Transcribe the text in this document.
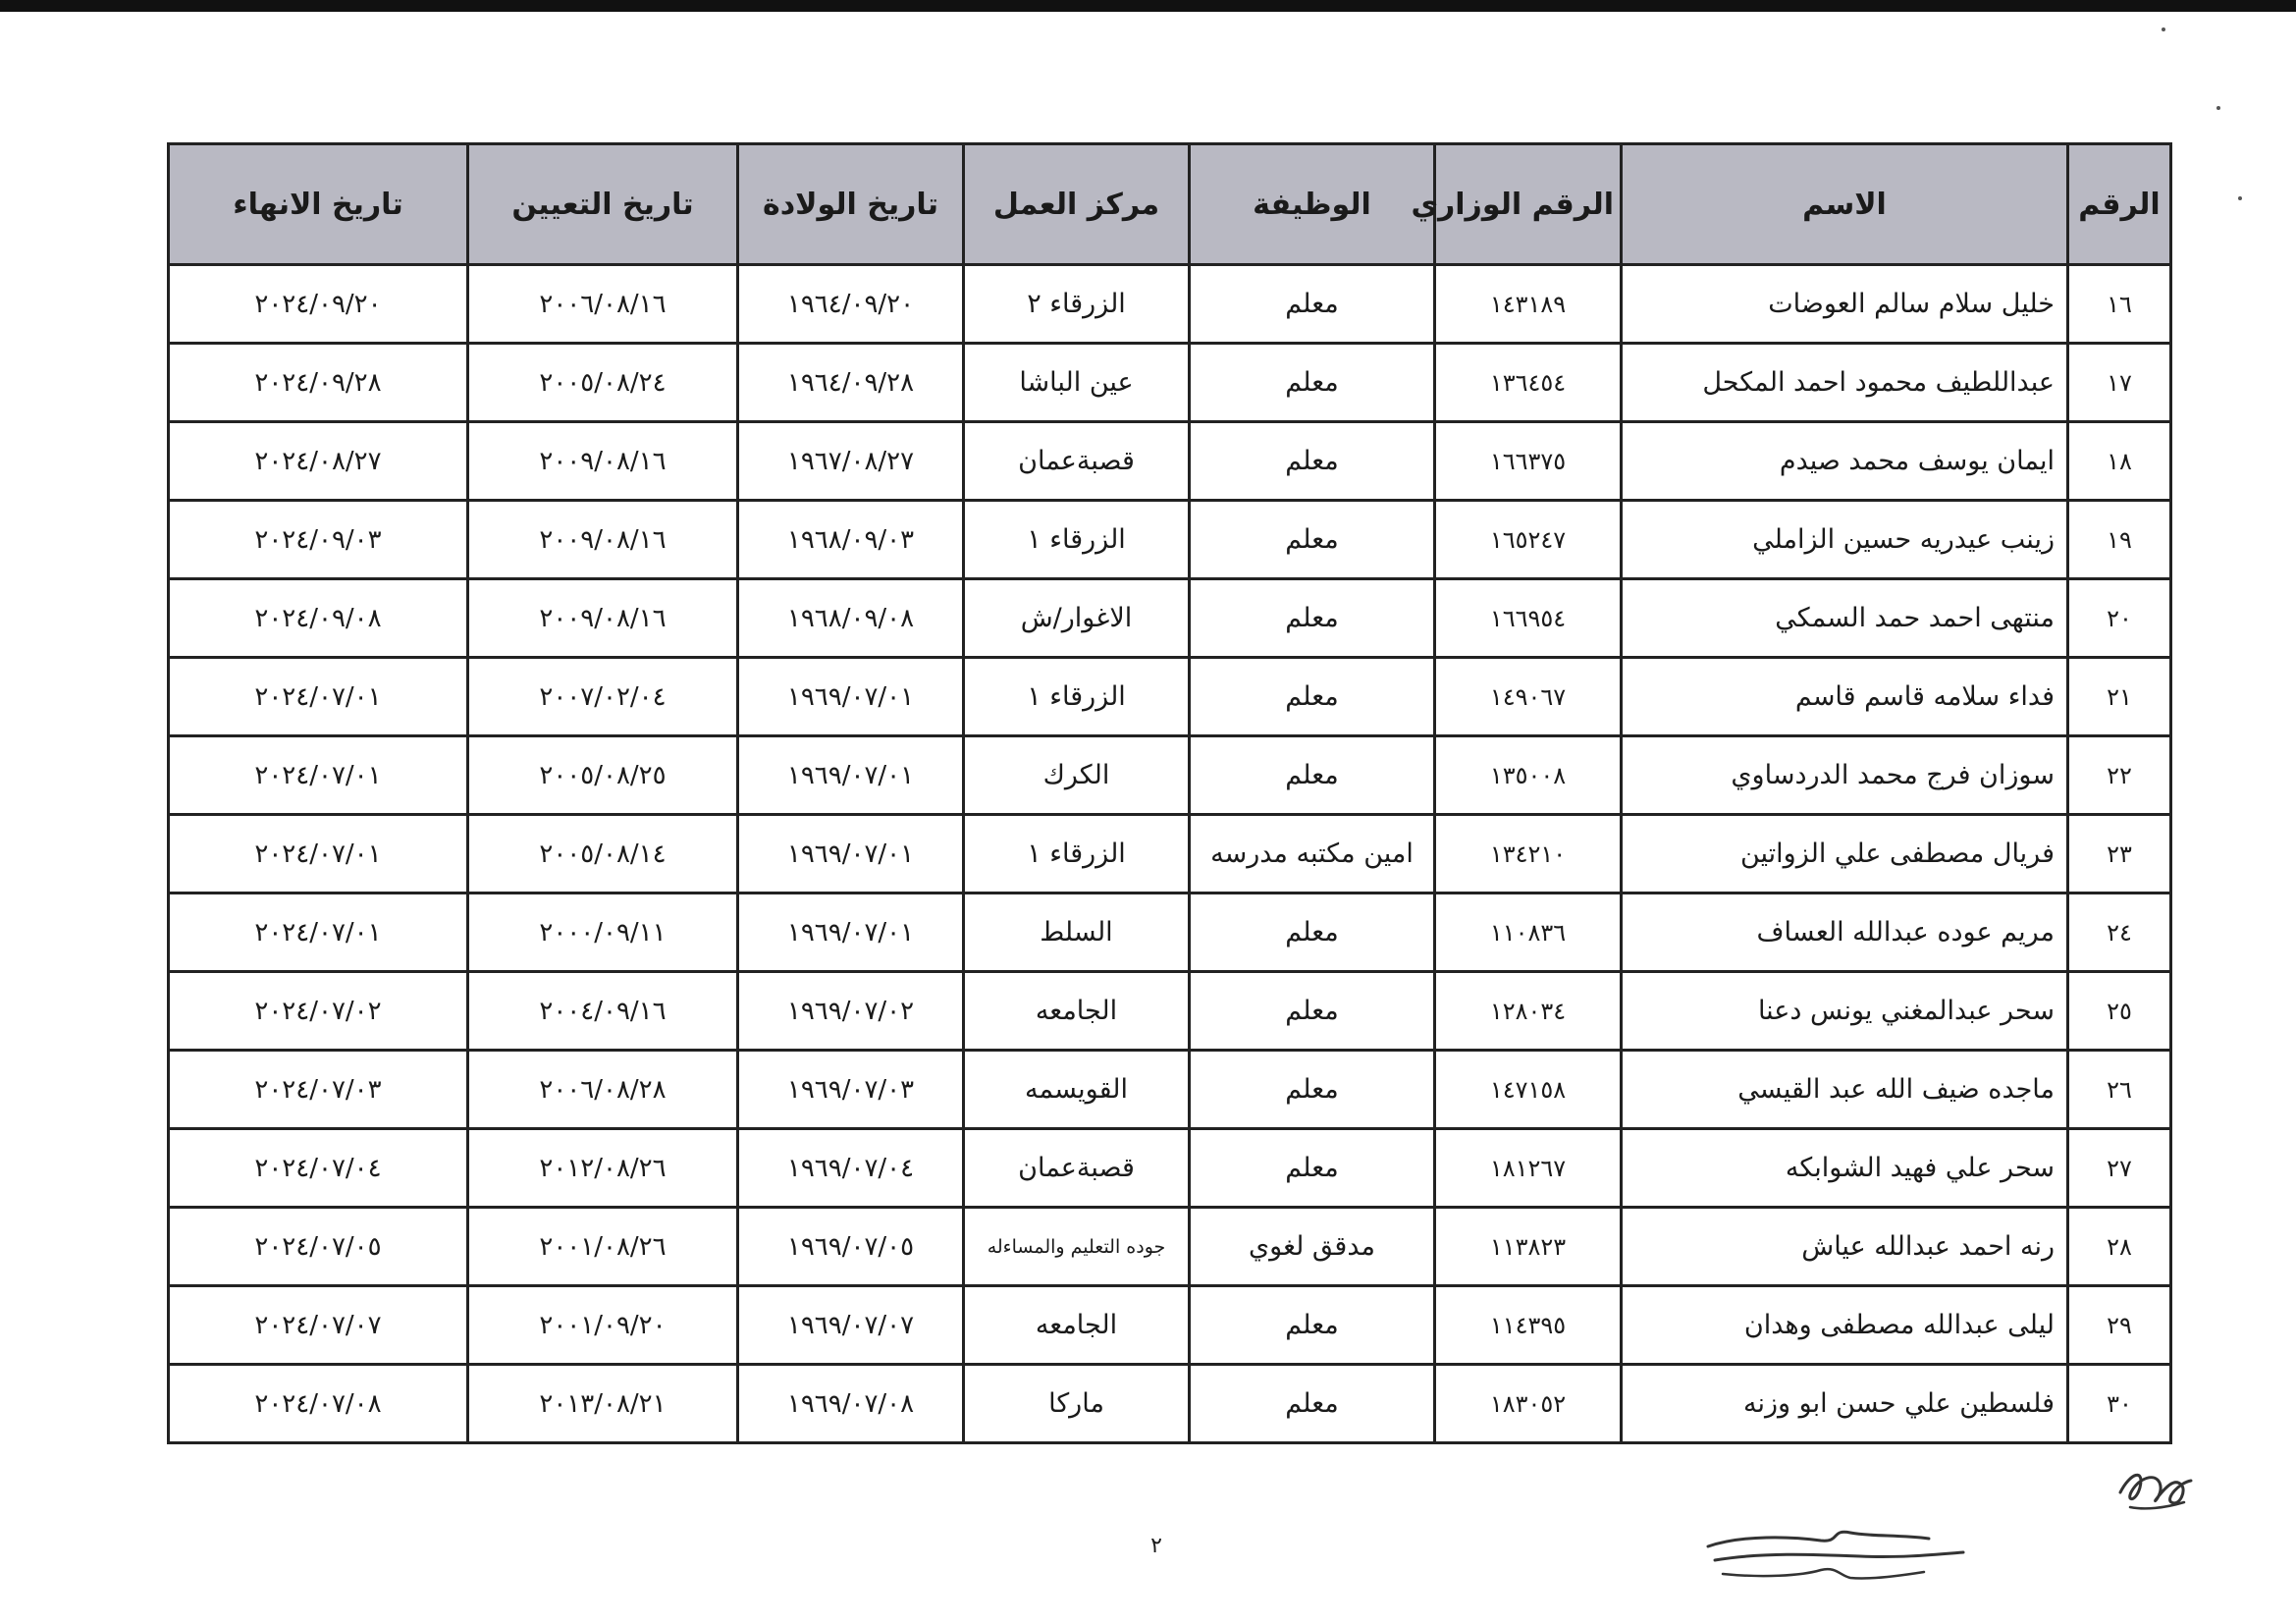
الرقم	الاسم	الرقم الوزاري	الوظيفة	مركز العمل	تاريخ الولادة	تاريخ التعيين	تاريخ الانهاء
١٦	خليل سلام سالم العوضات	١٤٣١٨٩	معلم	الزرقاء ٢	١٩٦٤/٠٩/٢٠	٢٠٠٦/٠٨/١٦	٢٠٢٤/٠٩/٢٠
١٧	عبداللطيف محمود احمد المكحل	١٣٦٤٥٤	معلم	عين الباشا	١٩٦٤/٠٩/٢٨	٢٠٠٥/٠٨/٢٤	٢٠٢٤/٠٩/٢٨
١٨	ايمان يوسف محمد صيدم	١٦٦٣٧٥	معلم	قصبةعمان	١٩٦٧/٠٨/٢٧	٢٠٠٩/٠٨/١٦	٢٠٢٤/٠٨/٢٧
١٩	زينب عيدريه حسين الزاملي	١٦٥٢٤٧	معلم	الزرقاء ١	١٩٦٨/٠٩/٠٣	٢٠٠٩/٠٨/١٦	٢٠٢٤/٠٩/٠٣
٢٠	منتهى احمد حمد السمكي	١٦٦٩٥٤	معلم	الاغوار/ش	١٩٦٨/٠٩/٠٨	٢٠٠٩/٠٨/١٦	٢٠٢٤/٠٩/٠٨
٢١	فداء سلامه قاسم قاسم	١٤٩٠٦٧	معلم	الزرقاء ١	١٩٦٩/٠٧/٠١	٢٠٠٧/٠٢/٠٤	٢٠٢٤/٠٧/٠١
٢٢	سوزان فرج محمد الدردساوي	١٣٥٠٠٨	معلم	الكرك	١٩٦٩/٠٧/٠١	٢٠٠٥/٠٨/٢٥	٢٠٢٤/٠٧/٠١
٢٣	فريال مصطفى علي الزواتين	١٣٤٢١٠	امين مكتبه مدرسه	الزرقاء ١	١٩٦٩/٠٧/٠١	٢٠٠٥/٠٨/١٤	٢٠٢٤/٠٧/٠١
٢٤	مريم عوده عبدالله العساف	١١٠٨٣٦	معلم	السلط	١٩٦٩/٠٧/٠١	٢٠٠٠/٠٩/١١	٢٠٢٤/٠٧/٠١
٢٥	سحر عبدالمغني يونس دعنا	١٢٨٠٣٤	معلم	الجامعه	١٩٦٩/٠٧/٠٢	٢٠٠٤/٠٩/١٦	٢٠٢٤/٠٧/٠٢
٢٦	ماجده ضيف الله عبد القيسي	١٤٧١٥٨	معلم	القويسمه	١٩٦٩/٠٧/٠٣	٢٠٠٦/٠٨/٢٨	٢٠٢٤/٠٧/٠٣
٢٧	سحر علي فهيد الشوابكه	١٨١٢٦٧	معلم	قصبةعمان	١٩٦٩/٠٧/٠٤	٢٠١٢/٠٨/٢٦	٢٠٢٤/٠٧/٠٤
٢٨	رنه احمد عبدالله عياش	١١٣٨٢٣	مدقق لغوي	جوده التعليم والمساءله	١٩٦٩/٠٧/٠٥	٢٠٠١/٠٨/٢٦	٢٠٢٤/٠٧/٠٥
٢٩	ليلى عبدالله مصطفى وهدان	١١٤٣٩٥	معلم	الجامعه	١٩٦٩/٠٧/٠٧	٢٠٠١/٠٩/٢٠	٢٠٢٤/٠٧/٠٧
٣٠	فلسطين علي حسن ابو وزنه	١٨٣٠٥٢	معلم	ماركا	١٩٦٩/٠٧/٠٨	٢٠١٣/٠٨/٢١	٢٠٢٤/٠٧/٠٨
٢
